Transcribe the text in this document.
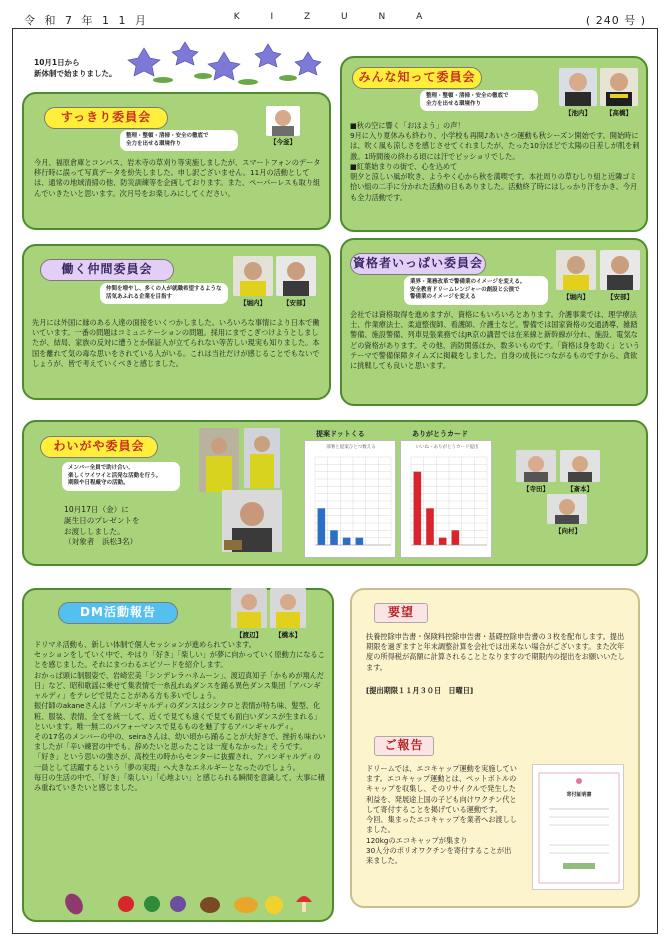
令 和 7 年 1 1 月	K I Z U N A	( 240 号 )
10月1日から
新体制で始まりました。
すっきり委員会
整理・整頓・清掃・安全の徹底で
全力を出せる環境作り	【今釜】
今月、福原倉庫とコンパス、岩木寺の草刈り等実施しましたが、スマートフォンのデータ移行時に誤って写真データを紛失しました。申し訳ございません。11月の活動としては、通常の地域清掃の他、防災訓練等を企画しております。また、ペーパーレスも取り組んでいきたいと思います。次月号をお楽しみにしてください。
みんな知って委員会
整理・整頓・清掃・安全の徹底で
全力を出せる環境作り
【池内】	【高橋】
■秋の空に響く「おはよう」の声！
9月に入り夏休みも終わり、小学校も再開♪あいさつ運動も秋シーズン開始です。開始時には、吹く風も涼しさを感じさせてくれましたが、たった10分ほどで太陽の日差しが肌を刺激。1時間後の終わる頃には汗でビッショリでした。
■紅葉始まりの街で、心を込めて
朝夕と涼しい風が吹き、ようやく心から秋を満喫です。本社周りの草むしり組と近隣ゴミ拾い組の二手に分かれた活動の日もありました。活動終了時にはしっかり汗をかき、今月も全力活動です。
働く仲間委員会
仲間を増やし、多くの人が就職希望するような
活気あふれる企業を目指す
【堀内】	【安部】
先月には外国に縁のある人達の面接をいくつかしました。いろいろな事情により日本で働いています。一番の問題はコミュニケーションの問題。採用にまでこぎつけようとしましたが、結局、家族の反対に遭うとか保証人が立てられない等苦しい現実も知りました。本国を離れて気の毒な思いをされている人がいる。これは当社だけが感じることでもないでしょうが、皆で考えていくべきと感じました。
資格者いっぱい委員会
業界・業務改革で警備業のイメージを変える。
安全教育ドリームレンジャーの創設と公演で
警備業のイメージを変える	【堀内】	【安部】
会社では資格取得を進めますが、資格にもいろいろとあります。介護事業では、理学療法士、作業療法士、柔道整復師、看護師、介護士など。警備では国家資格の交通誘導、雑踏警備、施設警備、列車見張業務ではJR京の講習では在来線と新幹線が分れ、施設、電気などの資格があります。その他、消防関係ほか、数多いものです。「資格は身を助く」というテーマで警備保障タイムズに掲載をしました。自身の成長につながるものですから、貪欲に挑戦しても良いと思います。
わいがや委員会
メンバー全員で助け合い、
楽しくワイワイと活発な活動を行う。
期限や日程厳守の活動。
10月17日（金）に
誕生日のプレゼントを
お渡ししました。
（対象者　浜松3名）
提案ドットくる	ありがとうカード
部署と提案ひとつ数える	いいね・ありがとうカード提出
【寺田】	【斎本】
【向村】
DM活動報告
【渡辺】	【橋本】
ドリマネ活動も、新しい体制で個人セッションが進められています。
セッションをしていく中で、やはり「好き」「楽しい」が夢に向かっていく原動力になることを感じました。それにまつわるエピソードを紹介します。
おかっぱ頭に制服姿で、岩崎宏美「シンデレラハネムーン」、渡辺真知子「かもめが翔んだ日」など、昭和歌謡に乗せて集表情で一糸乱れぬダンスを踊る異色ダンス集団「アバンギャルディ」をテレビで見たことがある方も多いでしょう。
振付師のakaneさんは「アバンギャルディのダンスはシンクロと表情が特ち味、髪型、化粧、服装、表情、全てを統一して、近くで見ても遠くで見ても面白いダンスが生まれる」といいます。唯一無二のパフォーマンスで見るものを魅了するアバンギャルディ。
その17名のメンバーの中の、seiraさんは、幼い頃から踊ることが大好きで、挫折も味わいましたが「辛い練習の中でも、辞めたいと思ったことは一度もなかった」そうです。
「好き」という思いの強さが、高校生の時からセンターに抜擢され、アバンギャルディの一員として活躍するという「夢の実現」へ大きなエネルギーとなったのでしょう。
毎日の生活の中で、「好き」「楽しい」「心地よい」と感じられる瞬間を意識して、大事に積み重ねていきたいと感じました。
要望
扶養控除申告書・保険料控除申告書・基礎控除申告書の３枚を配布します。提出期限を過ぎますと年末調整計算を会社では出来ない場合がございます。また次年度の所得税が高額に計算されることとなりますので期限内の提出をお願いいたします。
[提出期限１１月３０日　日曜日]
ご報告
ドリームでは、エコキャップ運動を実施しています。エコキャップ運動とは、ペットボトルのキャップを収集し、そのリサイクルで発生した利益を、発展途上国の子ども向けワクチン代として寄付することを掲げている運動です。
今回、集まったエコキャップを業者へお渡ししました。
120kgのエコキャップが集まり
30人分のポリオワクチンを寄付することが出来ました。
寄付証明書
